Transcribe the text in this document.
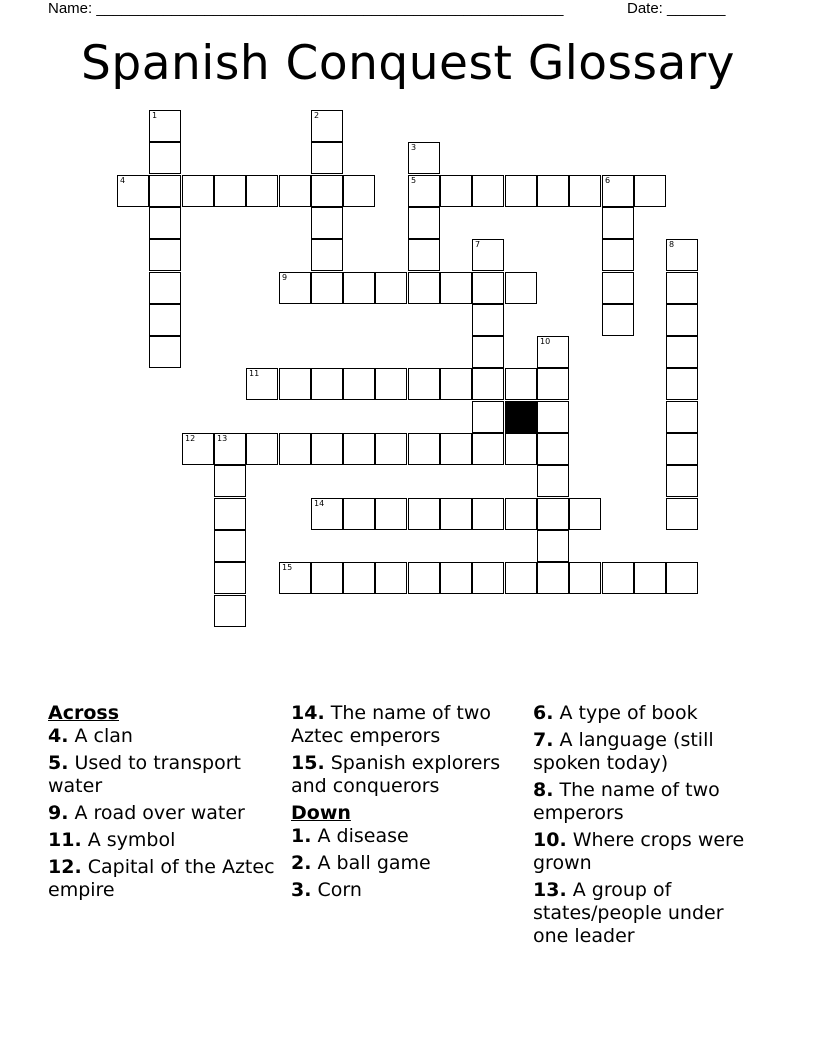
Name: ________________________________________________________	Date: _______
Spanish Conquest Glossary
1	2
3
5
4	6
7	8
9
10
11
12	13
14
15

Across

4. A clan

5. Used to transport water

9. A road over water

11. A symbol

12. Capital of the Aztec empire

14. The name of two Aztec emperors

15. Spanish explorers and conquerors

Down

1. A disease

2. A ball game

3. Corn

6. A type of book

7. A language (still spoken today)

8. The name of two emperors

10. Where crops were grown

13. A group of states/people under one leader
